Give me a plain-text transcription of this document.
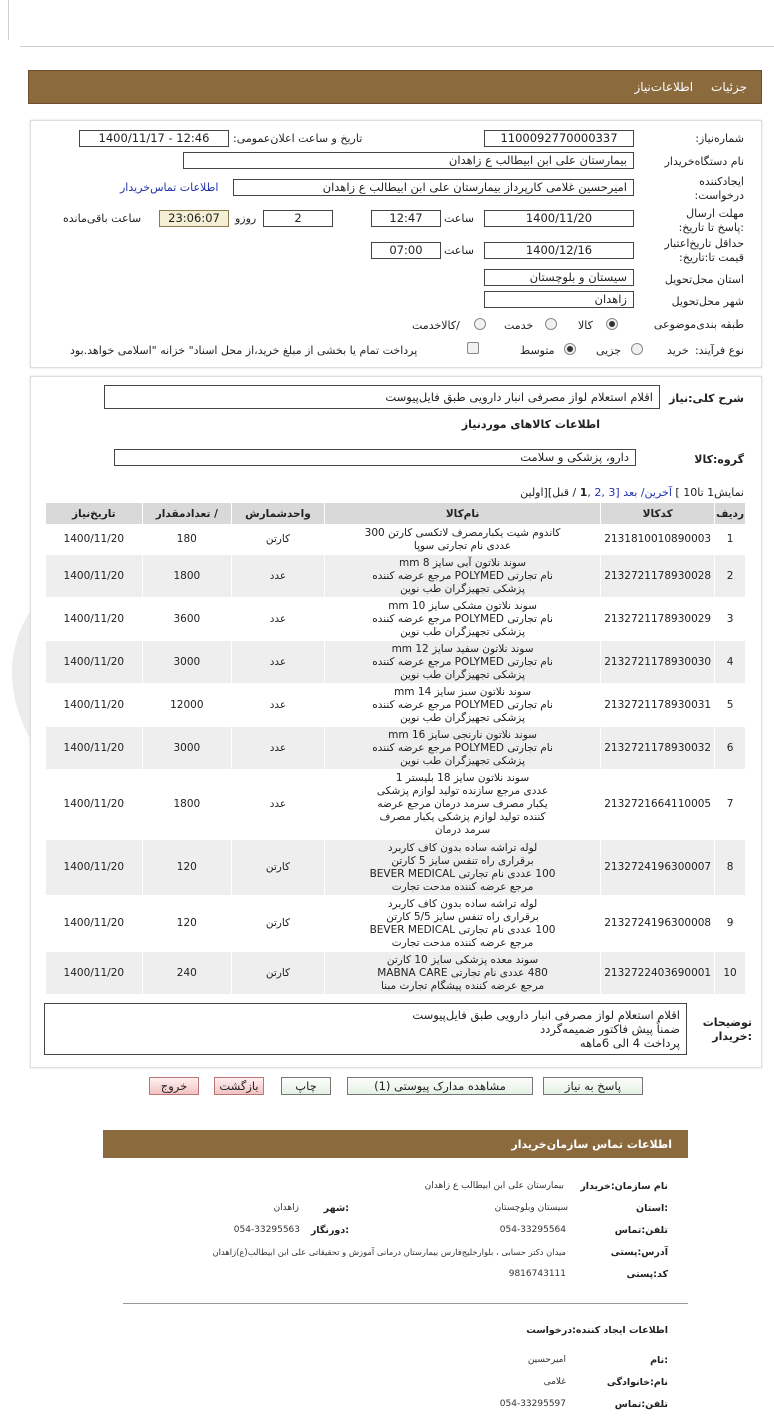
جزئیات
اطلاعات‌نیاز
شماره‌نیاز:
1100092770000337
تاریخ و ساعت اعلان‌عمومی:
1400/11/17 - 12:46
نام دستگاه‌خریدار
بیمارستان علی ابن ابیطالب ع زاهدان
ایجادکننده درخواست:
امیرحسین غلامی کارپرداز بیمارستان علی ابن ابیطالب ع زاهدان
اطلاعات تماس‌خریدار
مهلت ارسال :پاسخ تا تاریخ:
1400/11/20
ساعت
12:47
2
روزو
23:06:07
ساعت باقی‌مانده
حداقل تاریخ‌اعتبار قیمت تا:تاریخ:
1400/12/16
ساعت
07:00
استان محل‌تحویل
سیستان و بلوچستان
شهر محل‌تحویل
زاهدان
طبقه بندی‌موضوعی
کالا
خدمت
/کالاخدمت
نوع فرآیند:
خرید
جزیی
متوسط
پرداخت تمام یا بخشی از مبلغ خرید،از محل اسناد" خزانه "اسلامی خواهد.بود
شرح کلی:نیاز
اقلام استعلام لواز مصرفی انبار دارویی طبق فایل‌پیوست
اطلاعات کالاهای موردنیاز
گروه:کالا
دارو، پزشکی و سلامت
نمایش1 تا10 ] آخرین/ بعد [3 ,2 ,1 / قبل][اولین
ردیف	کدکالا	نام‌کالا	واحدشمارش	/ تعدادمقدار	تاریخ‌نیاز
1	2131810010890003	کاندوم شیت یکبارمصرف لاتکسی کارتن 300
عددی نام تجارتی سوپا	کارتن	180	1400/11/20
2	2132721178930028	سوند نلاتون آبی سایز 8 mm
نام تجارتی POLYMED مرجع عرضه کننده
پزشکی تجهیزگران طب نوین	عدد	1800	1400/11/20
3	2132721178930029	سوند نلاتون مشکی سایز 10 mm
نام تجارتی POLYMED مرجع عرضه کننده
پزشکی تجهیزگران طب نوین	عدد	3600	1400/11/20
4	2132721178930030	سوند نلاتون سفید سایز 12 mm
نام تجارتی POLYMED مرجع عرضه کننده
پزشکی تجهیزگران طب نوین	عدد	3000	1400/11/20
5	2132721178930031	سوند نلاتون سبز سایز 14 mm
نام تجارتی POLYMED مرجع عرضه کننده
پزشکی تجهیزگران طب نوین	عدد	12000	1400/11/20
6	2132721178930032	سوند نلاتون نارنجی سایز 16 mm
نام تجارتی POLYMED مرجع عرضه کننده
پزشکی تجهیزگران طب نوین	عدد	3000	1400/11/20
7	2132721664110005	سوند نلاتون سایز 18 بلیستر 1
عددی مرجع سازنده تولید لوازم پزشکی
یکبار مصرف سرمد درمان مرجع عرضه
کننده تولید لوازم پزشکی یکبار مصرف
سرمد درمان	عدد	1800	1400/11/20
8	2132724196300007	لوله تراشه ساده بدون کاف کاربرد
برقراری راه تنفس سایز 5 کارتن
100 عددی نام تجارتی BEVER MEDICAL
مرجع عرضه کننده مدحت تجارت	کارتن	120	1400/11/20
9	2132724196300008	لوله تراشه ساده بدون کاف کاربرد
برقراری راه تنفس سایز 5/5 کارتن
100 عددی نام تجارتی BEVER MEDICAL
مرجع عرضه کننده مدحت تجارت	کارتن	120	1400/11/20
10	2132722403690001	سوند معده پزشکی سایز 10 کارتن
480 عددی نام تجارتی MABNA CARE
مرجع عرضه کننده پیشگام تجارت مبنا	کارتن	240	1400/11/20
توضیحات :خریدار
اقلام استعلام لواز مصرفی انبار دارویی طبق فایل‌پیوست
ضمناً پیش فاکتور ضمیمه‌گردد
پرداخت 4 الی 6ماهه
پاسخ به نیاز
مشاهده مدارک پیوستی (1)
چاپ
بازگشت
خروج
اطلاعات تماس سازمان‌خریدار
نام سازمان:خریدار
بیمارستان علی ابن ابیطالب ع زاهدان
:استان
سیستان وبلوچستان
:شهر
زاهدان
تلفن:تماس
054-33295564
:دورنگار
054-33295563
آدرس:پستی
میدان دکتر حسابی ، بلوارخلیج‌فارس بیمارستان درمانی آموزش و تحقیقاتی علی ابن ابیطالب(ع)زاهدان
کد:پستی
9816743111
اطلاعات ایجاد کننده:درخواست
:نام
امیرحسین
نام:خانوادگی
غلامی
تلفن:تماس
054-33295597
